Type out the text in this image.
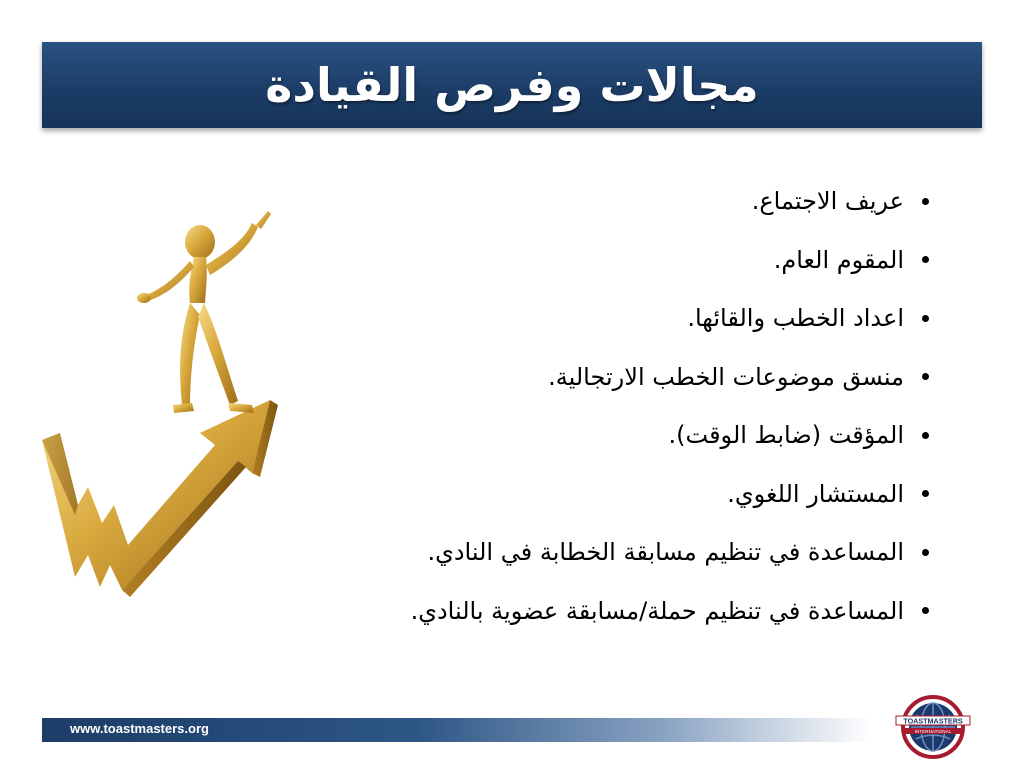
مجالات وفرص القيادة
عريف الاجتماع.
المقوم العام.
اعداد الخطب والقائها.
منسق موضوعات الخطب الارتجالية.
المؤقت (ضابط الوقت).
المستشار اللغوي.
المساعدة في تنظيم مسابقة الخطابة في النادي.
المساعدة في تنظيم حملة/مسابقة عضوية بالنادي.
www.toastmasters.org	TOASTMASTERS
INTERNATIONAL
